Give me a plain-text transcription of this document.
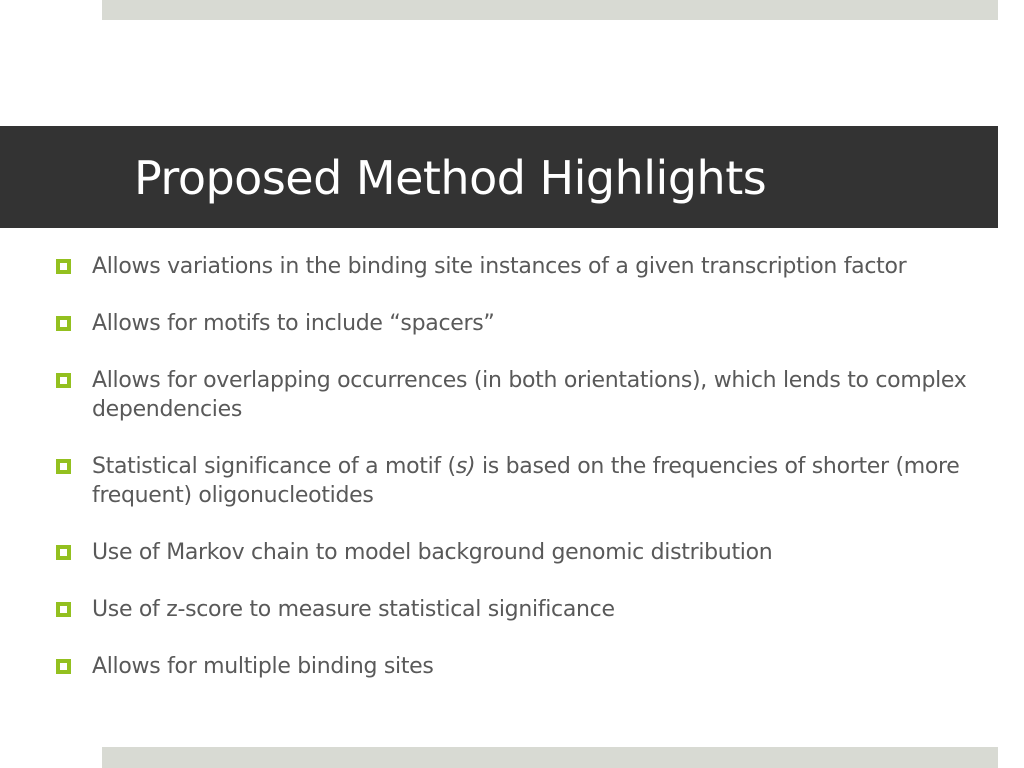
Proposed Method Highlights
Allows variations in the binding site instances of a given transcription factor
Allows for motifs to include “spacers”
Allows for overlapping occurrences (in both orientations), which lends to complex dependencies
Statistical significance of a motif (s) is based on the frequencies of shorter (more frequent) oligonucleotides
Use of Markov chain to model background genomic distribution
Use of z-score to measure statistical significance
Allows for multiple binding sites
